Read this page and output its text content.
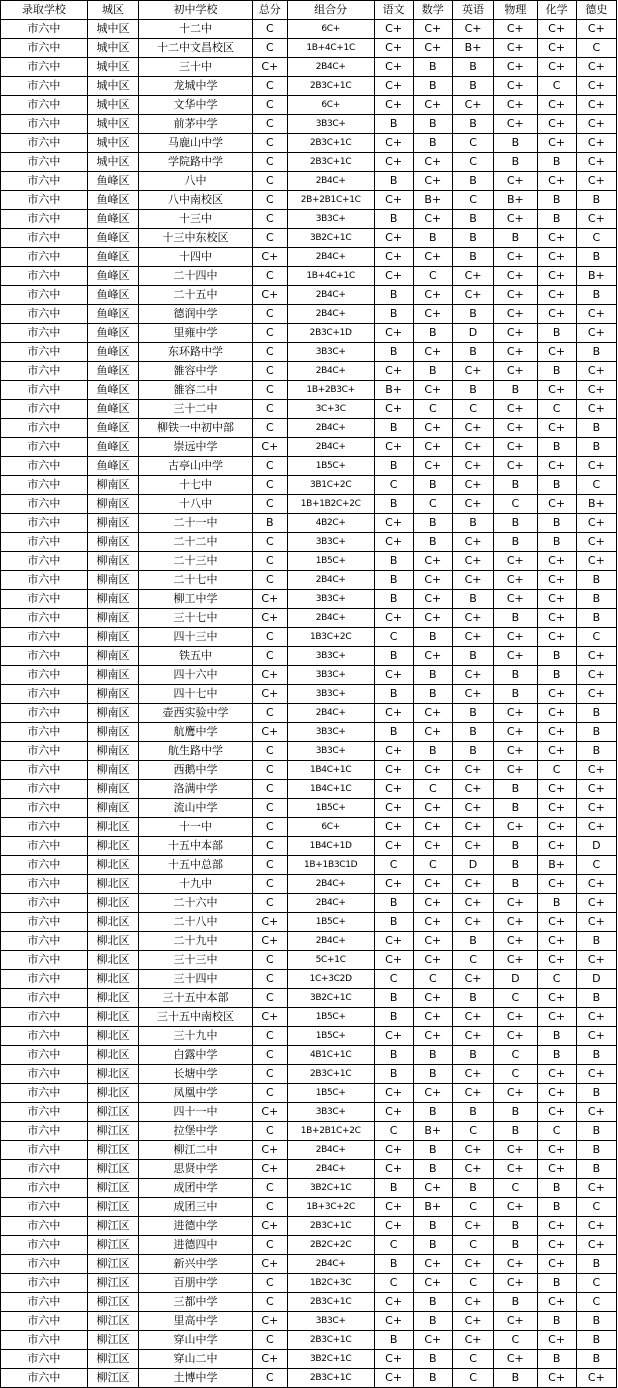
录取学校	城区	初中学校	总分	组合分	语文	数学	英语	物理	化学	德史
市六中	城中区	十二中	C	6C+	C+	C+	C+	C+	C+	C+
市六中	城中区	十二中文昌校区	C	1B+4C+1C	C+	C+	B+	C+	C+	C
市六中	城中区	三十中	C+	2B4C+	C+	B	B	C+	C+	C+
市六中	城中区	龙城中学	C	2B3C+1C	C+	B	B	C+	C	C+
市六中	城中区	文华中学	C	6C+	C+	C+	C+	C+	C+	C+
市六中	城中区	前茅中学	C	3B3C+	B	B	B	C+	C+	C+
市六中	城中区	马鹿山中学	C	2B3C+1C	C+	B	C	B	C+	C+
市六中	城中区	学院路中学	C	2B3C+1C	C+	C+	C	B	B	C+
市六中	鱼峰区	八中	C	2B4C+	B	C+	B	C+	C+	C+
市六中	鱼峰区	八中南校区	C	2B+2B1C+1C	C+	B+	C	B+	B	B
市六中	鱼峰区	十三中	C	3B3C+	B	C+	B	C+	B	C+
市六中	鱼峰区	十三中东校区	C	3B2C+1C	C+	B	B	B	C+	C
市六中	鱼峰区	十四中	C+	2B4C+	C+	C+	B	C+	C+	B
市六中	鱼峰区	二十四中	C	1B+4C+1C	C+	C	C+	C+	C+	B+
市六中	鱼峰区	二十五中	C+	2B4C+	B	C+	C+	C+	C+	B
市六中	鱼峰区	德润中学	C	2B4C+	B	C+	B	C+	C+	C+
市六中	鱼峰区	里雍中学	C	2B3C+1D	C+	B	D	C+	B	C+
市六中	鱼峰区	东环路中学	C	3B3C+	B	C+	B	C+	C+	B
市六中	鱼峰区	雒容中学	C	2B4C+	C+	B	C+	C+	B	C+
市六中	鱼峰区	雒容二中	C	1B+2B3C+	B+	C+	B	B	C+	C+
市六中	鱼峰区	三十二中	C	3C+3C	C+	C	C	C+	C	C+
市六中	鱼峰区	柳铁一中初中部	C	2B4C+	B	C+	C+	C+	C+	B
市六中	鱼峰区	崇远中学	C+	2B4C+	C+	C+	C+	C+	B	B
市六中	鱼峰区	古亭山中学	C	1B5C+	B	C+	C+	C+	C+	C+
市六中	柳南区	十七中	C	3B1C+2C	C	B	C+	B	B	C
市六中	柳南区	十八中	C	1B+1B2C+2C	B	C	C+	C	C+	B+
市六中	柳南区	二十一中	B	4B2C+	C+	B	B	B	B	C+
市六中	柳南区	二十二中	C	3B3C+	C+	B	C+	B	B	C+
市六中	柳南区	二十三中	C	1B5C+	B	C+	C+	C+	C+	C+
市六中	柳南区	二十七中	C	2B4C+	B	C+	C+	C+	C+	B
市六中	柳南区	柳工中学	C+	3B3C+	B	C+	B	C+	C+	B
市六中	柳南区	三十七中	C+	2B4C+	C+	C+	C+	B	C+	B
市六中	柳南区	四十三中	C	1B3C+2C	C	B	C+	C+	C+	C
市六中	柳南区	铁五中	C	3B3C+	B	C+	B	C+	B	C+
市六中	柳南区	四十六中	C+	3B3C+	C+	B	C+	B	B	C+
市六中	柳南区	四十七中	C+	3B3C+	B	B	C+	B	C+	C+
市六中	柳南区	壶西实验中学	C	2B4C+	C+	C+	B	C+	C+	B
市六中	柳南区	航鹰中学	C+	3B3C+	B	C+	B	C+	C+	B
市六中	柳南区	航生路中学	C	3B3C+	C+	B	B	C+	C+	B
市六中	柳南区	西鹅中学	C	1B4C+1C	C+	C+	C+	C+	C	C+
市六中	柳南区	洛满中学	C	1B4C+1C	C+	C	C+	B	C+	C+
市六中	柳南区	流山中学	C	1B5C+	C+	C+	C+	B	C+	C+
市六中	柳北区	十一中	C	6C+	C+	C+	C+	C+	C+	C+
市六中	柳北区	十五中本部	C	1B4C+1D	C+	C+	C+	B	C+	D
市六中	柳北区	十五中总部	C	1B+1B3C1D	C	C	D	B	B+	C
市六中	柳北区	十九中	C	2B4C+	C+	C+	C+	B	C+	C+
市六中	柳北区	二十六中	C	2B4C+	B	C+	C+	C+	B	C+
市六中	柳北区	二十八中	C+	1B5C+	B	C+	C+	C+	C+	C+
市六中	柳北区	二十九中	C+	2B4C+	C+	C+	B	C+	C+	B
市六中	柳北区	三十三中	C	5C+1C	C+	C+	C	C+	C+	C+
市六中	柳北区	三十四中	C	1C+3C2D	C	C	C+	D	C	D
市六中	柳北区	三十五中本部	C	3B2C+1C	B	C+	B	C	C+	B
市六中	柳北区	三十五中南校区	C+	1B5C+	B	C+	C+	C+	C+	C+
市六中	柳北区	三十九中	C	1B5C+	C+	C+	C+	C+	B	C+
市六中	柳北区	白露中学	C	4B1C+1C	B	B	B	C	B	B
市六中	柳北区	长塘中学	C	2B3C+1C	B	B	C+	C	C+	C+
市六中	柳北区	凤凰中学	C	1B5C+	C+	C+	C+	C+	C+	B
市六中	柳江区	四十一中	C+	3B3C+	C+	B	B	B	C+	C+
市六中	柳江区	拉堡中学	C	1B+2B1C+2C	C	B+	C	B	C	B
市六中	柳江区	柳江二中	C+	2B4C+	C+	B	C+	C+	C+	B
市六中	柳江区	思贤中学	C+	2B4C+	C+	B	C+	C+	C+	B
市六中	柳江区	成团中学	C	3B2C+1C	B	C+	B	C	B	C+
市六中	柳江区	成团三中	C	1B+3C+2C	C+	B+	C	C+	B	C
市六中	柳江区	进德中学	C+	2B3C+1C	C+	B	C+	B	C+	C+
市六中	柳江区	进德四中	C	2B2C+2C	C	B	C	B	C+	C+
市六中	柳江区	新兴中学	C+	2B4C+	B	C+	C+	C+	C+	B
市六中	柳江区	百朋中学	C	1B2C+3C	C	C+	C	C+	B	C
市六中	柳江区	三都中学	C	2B3C+1C	C+	B	C+	B	C+	C
市六中	柳江区	里高中学	C+	3B3C+	C+	B	C+	C+	B	B
市六中	柳江区	穿山中学	C	2B3C+1C	B	C+	C+	C	C+	B
市六中	柳江区	穿山二中	C+	3B2C+1C	C+	B	C	C+	B	B
市六中	柳江区	土博中学	C	2B3C+1C	C+	B	C	B	C+	C+
